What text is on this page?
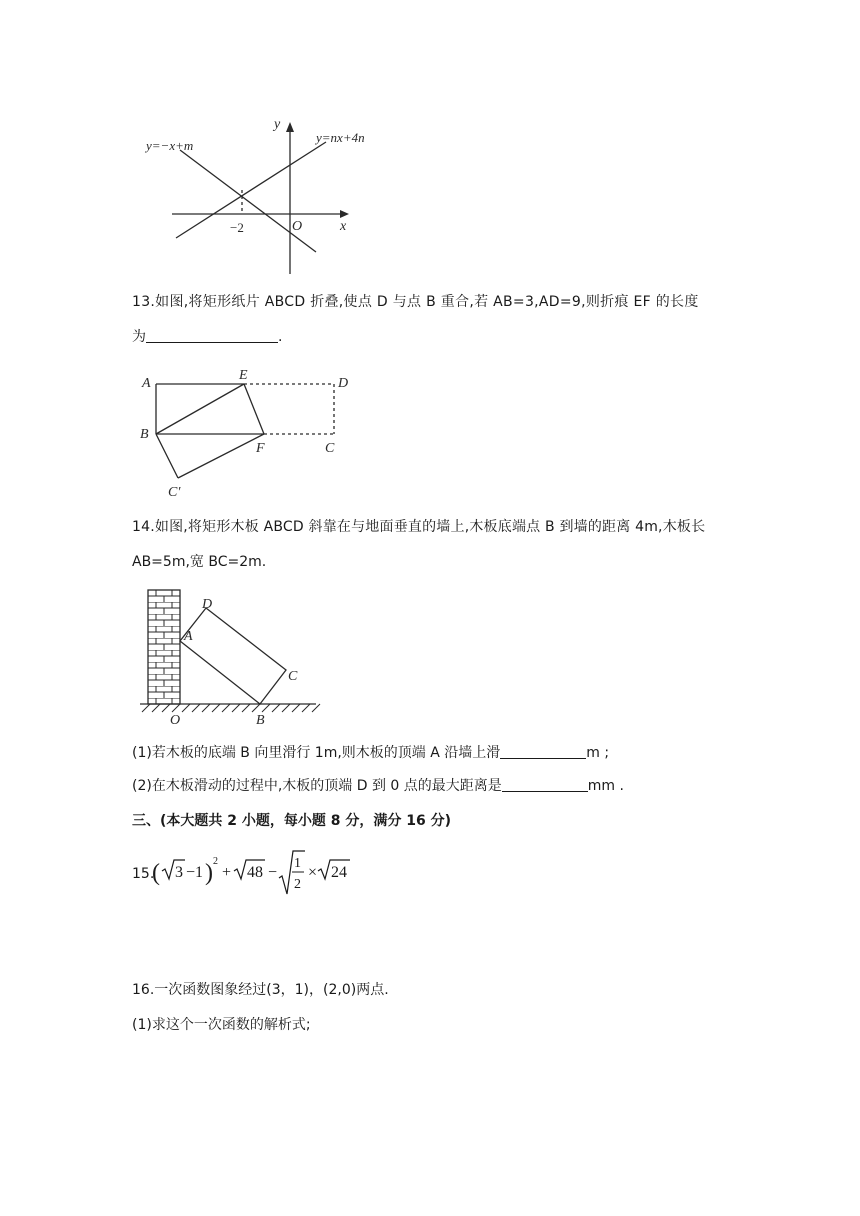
y=−x+m
y=nx+4n
y
x
O
−2
13.如图,将矩形纸片 ABCD 折叠,使点 D 与点 B 重合,若 AB=3,AD=9,则折痕 EF 的长度
为	.
A
E
D
B
F	C
C′
14.如图,将矩形木板 ABCD 斜靠在与地面垂直的墙上,木板底端点 B 到墙的距离 4m,木板长
AB=5m,宽 BC=2m.
D
A
C
O	B
(1)若木板的底端 B 向里滑行 1m,则木板的顶端 A 沿墙上滑	m ;
(2)在木板滑动的过程中,木板的顶端 D 到 0 点的最大距离是	mm .
三、(本大题共 2 小题，每小题 8 分，满分 16 分)
15.
( 3 −1 ) 2
+ 48 −
1
2
× 24
16.一次函数图象经过(3，1)，(2,0)两点.
(1)求这个一次函数的解析式;
